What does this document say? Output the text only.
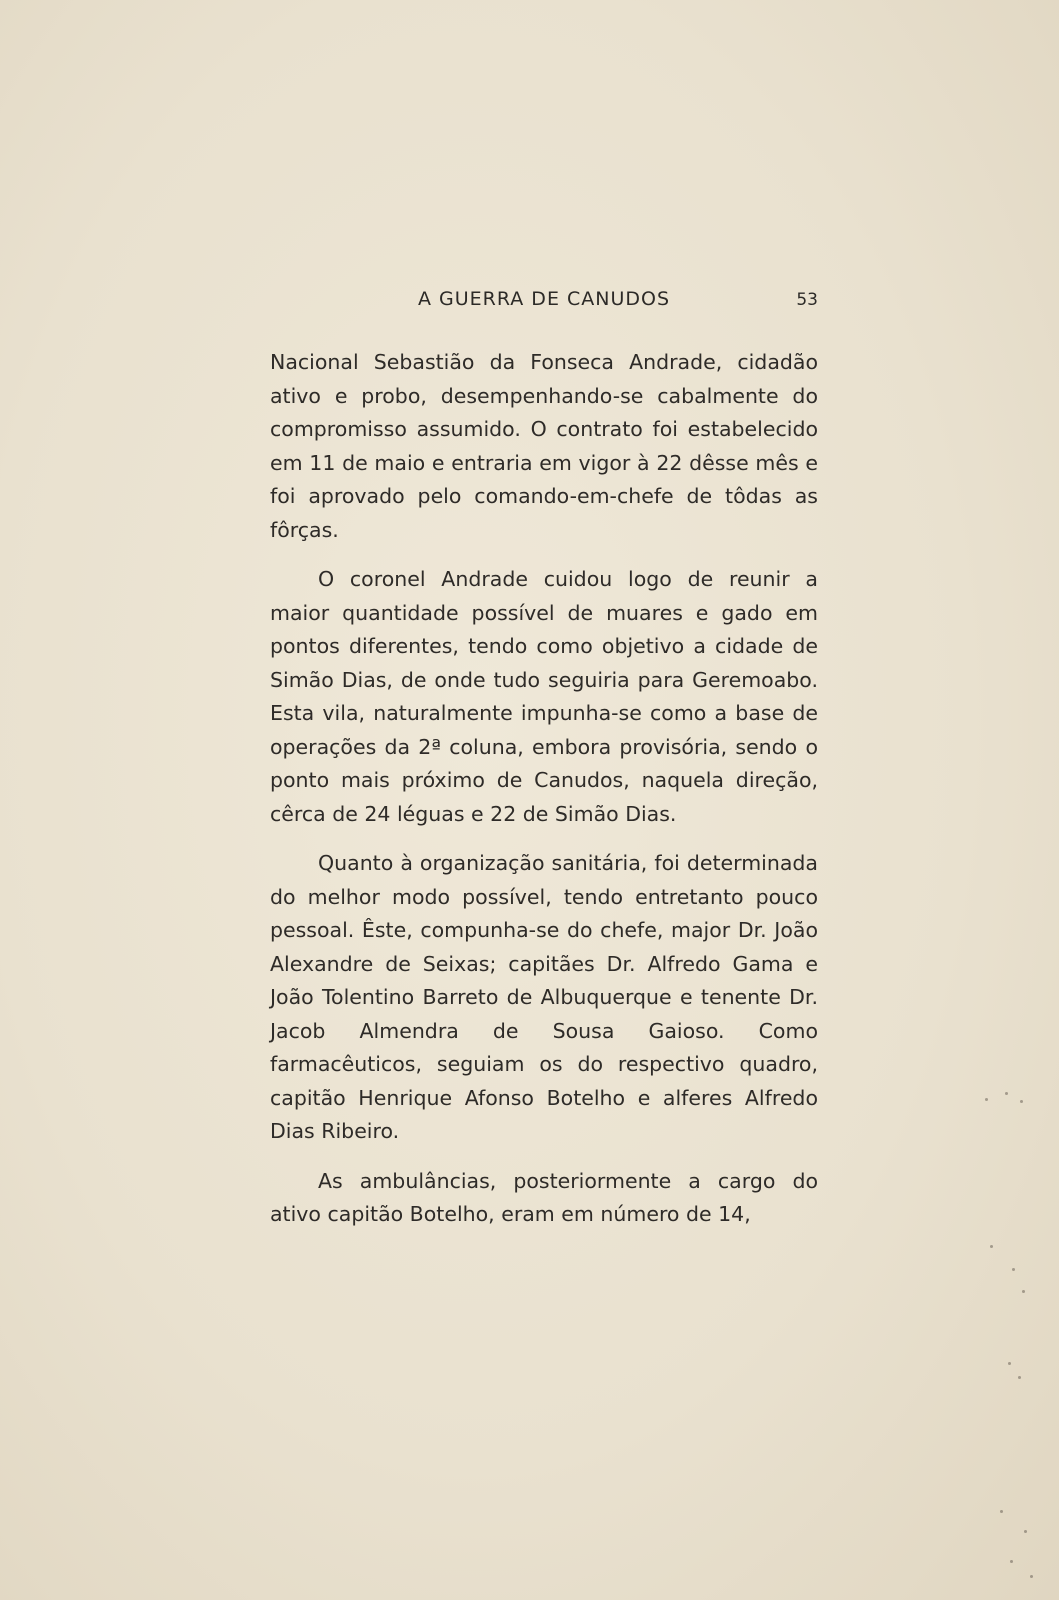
A GUERRA DE CANUDOS	53

Nacional Sebastião da Fonseca Andrade, cidadão ativo e probo, desempenhando-se cabalmente do compromisso assumido. O contrato foi estabelecido em 11 de maio e entraria em vigor à 22 dêsse mês e foi aprovado pelo comando-em-chefe de tôdas as fôrças.

O coronel Andrade cuidou logo de reunir a maior quantidade possível de muares e gado em pontos diferentes, tendo como objetivo a cidade de Simão Dias, de onde tudo seguiria para Geremoabo. Esta vila, naturalmente impunha-se como a base de operações da 2ª coluna, embora provisória, sendo o ponto mais próximo de Canudos, naquela direção, cêrca de 24 léguas e 22 de Simão Dias.

Quanto à organização sanitária, foi determinada do melhor modo possível, tendo entretanto pouco pessoal. Êste, compunha-se do chefe, major Dr. João Alexandre de Seixas; capitães Dr. Alfredo Gama e João Tolentino Barreto de Albuquerque e tenente Dr. Jacob Almendra de Sousa Gaioso. Como farmacêuticos, seguiam os do respectivo quadro, capitão Henrique Afonso Botelho e alferes Alfredo Dias Ribeiro.

As ambulâncias, posteriormente a cargo do ativo capitão Botelho, eram em número de 14,
